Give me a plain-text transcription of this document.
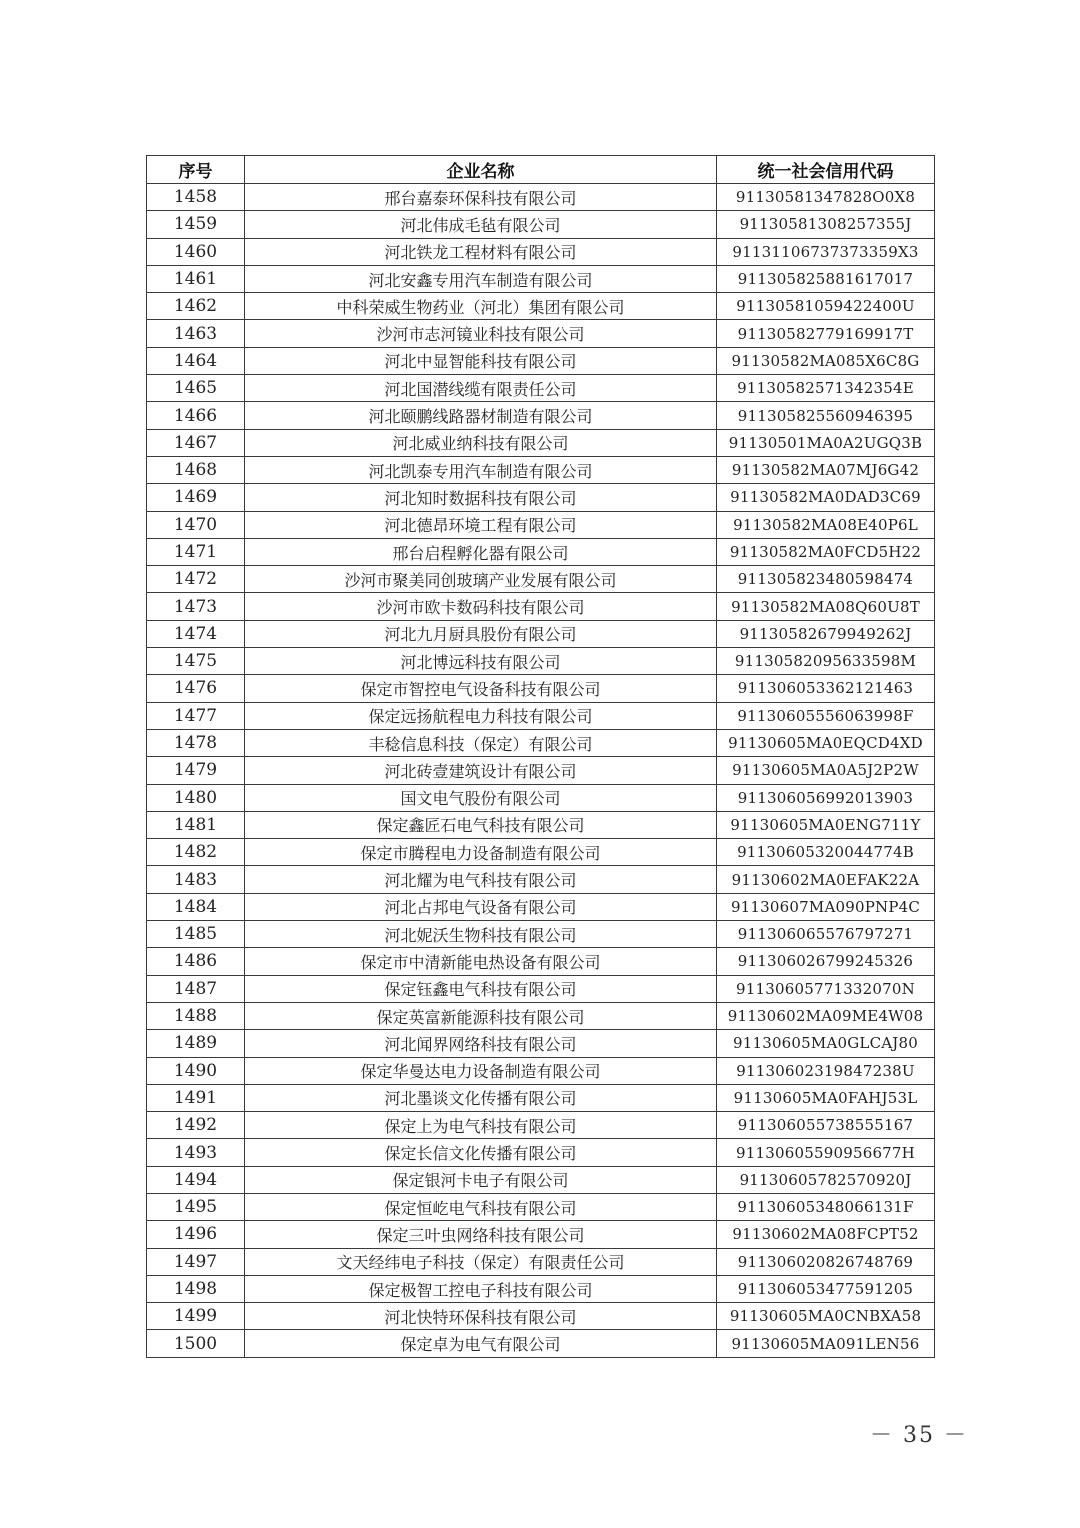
序号	企业名称	统一社会信用代码
1458	邢台嘉泰环保科技有限公司	91130581347828O0X8
1459	河北伟成毛毡有限公司	91130581308257355J
1460	河北铁龙工程材料有限公司	91131106737373359X3
1461	河北安鑫专用汽车制造有限公司	911305825881617017
1462	中科荣威生物药业（河北）集团有限公司	91130581059422400U
1463	沙河市志河镜业科技有限公司	91130582779169917T
1464	河北中显智能科技有限公司	91130582MA085X6C8G
1465	河北国潜线缆有限责任公司	91130582571342354E
1466	河北颐鹏线路器材制造有限公司	911305825560946395
1467	河北威业纳科技有限公司	91130501MA0A2UGQ3B
1468	河北凯泰专用汽车制造有限公司	91130582MA07MJ6G42
1469	河北知时数据科技有限公司	91130582MA0DAD3C69
1470	河北德昂环境工程有限公司	91130582MA08E40P6L
1471	邢台启程孵化器有限公司	91130582MA0FCD5H22
1472	沙河市聚美同创玻璃产业发展有限公司	911305823480598474
1473	沙河市欧卡数码科技有限公司	91130582MA08Q60U8T
1474	河北九月厨具股份有限公司	91130582679949262J
1475	河北博远科技有限公司	91130582095633598M
1476	保定市智控电气设备科技有限公司	911306053362121463
1477	保定远扬航程电力科技有限公司	91130605556063998F
1478	丰稔信息科技（保定）有限公司	91130605MA0EQCD4XD
1479	河北砖壹建筑设计有限公司	91130605MA0A5J2P2W
1480	国文电气股份有限公司	911306056992013903
1481	保定鑫匠石电气科技有限公司	91130605MA0ENG711Y
1482	保定市腾程电力设备制造有限公司	91130605320044774B
1483	河北耀为电气科技有限公司	91130602MA0EFAK22A
1484	河北占邦电气设备有限公司	91130607MA090PNP4C
1485	河北妮沃生物科技有限公司	911306065576797271
1486	保定市中清新能电热设备有限公司	911306026799245326
1487	保定钰鑫电气科技有限公司	91130605771332070N
1488	保定英富新能源科技有限公司	91130602MA09ME4W08
1489	河北闻界网络科技有限公司	91130605MA0GLCAJ80
1490	保定华曼达电力设备制造有限公司	91130602319847238U
1491	河北墨谈文化传播有限公司	91130605MA0FAHJ53L
1492	保定上为电气科技有限公司	911306055738555167
1493	保定长信文化传播有限公司	91130605590956677H
1494	保定银河卡电子有限公司	91130605782570920J
1495	保定恒屹电气科技有限公司	91130605348066131F
1496	保定三叶虫网络科技有限公司	91130602MA08FCPT52
1497	文天经纬电子科技（保定）有限责任公司	911306020826748769
1498	保定极智工控电子科技有限公司	911306053477591205
1499	河北快特环保科技有限公司	91130605MA0CNBXA58
1500	保定卓为电气有限公司	91130605MA091LEN56
－ 35 －
